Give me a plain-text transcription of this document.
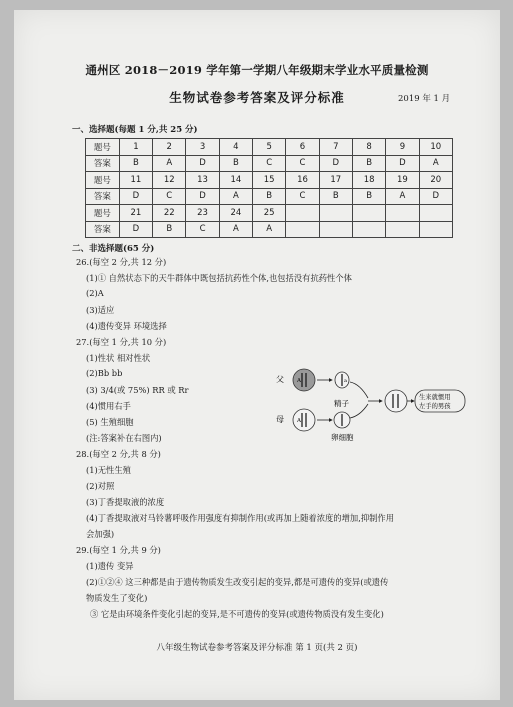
通州区 2018－2019 学年第一学期八年级期末学业水平质量检测
生物试卷参考答案及评分标准	2019 年 1 月
一、选择题(每题 1 分,共 25 分)
题号	1	2	3	4	5	6	7	8	9	10
答案	B	A	D	B	C	C	D	B	D	A
题号	11	12	13	14	15	16	17	18	19	20
答案	D	C	D	A	B	C	B	B	A	D
题号	21	22	23	24	25					
答案	D	B	C	A	A					
二、非选择题(65 分)
26.(每空 2 分,共 12 分)
(1)① 自然状态下的天牛群体中既包括抗药性个体,也包括没有抗药性个体
(2)A
(3)适应
(4)遗传变异 环境选择
27.(每空 1 分,共 10 分)
(1)性状 相对性状
(2)Bb bb
(3) 3/4(或 75%) RR 或 Rr
(4)惯用右手
(5) 生殖细胞
(注:答案补在右图内)
28.(每空 2 分,共 8 分)
(1)无性生殖
(2)对照
(3)丁香提取液的浓度
(4)丁香提取液对马铃薯呼吸作用强度有抑制作用(或再加上随着浓度的增加,抑制作用
会加强)
29.(每空 1 分,共 9 分)
(1)遗传 变异
(2)①②④ 这三种都是由于遗传物质发生改变引起的变异,都是可遗传的变异(或遗传
物质发生了变化)
③ 它是由环境条件变化引起的变异,是不可遗传的变异(或遗传物质没有发生变化)
父 A	a
精子
母 A
卵细胞
生来就惯用
左手的男孩
八年级生物试卷参考答案及评分标准 第 1 页(共 2 页)
